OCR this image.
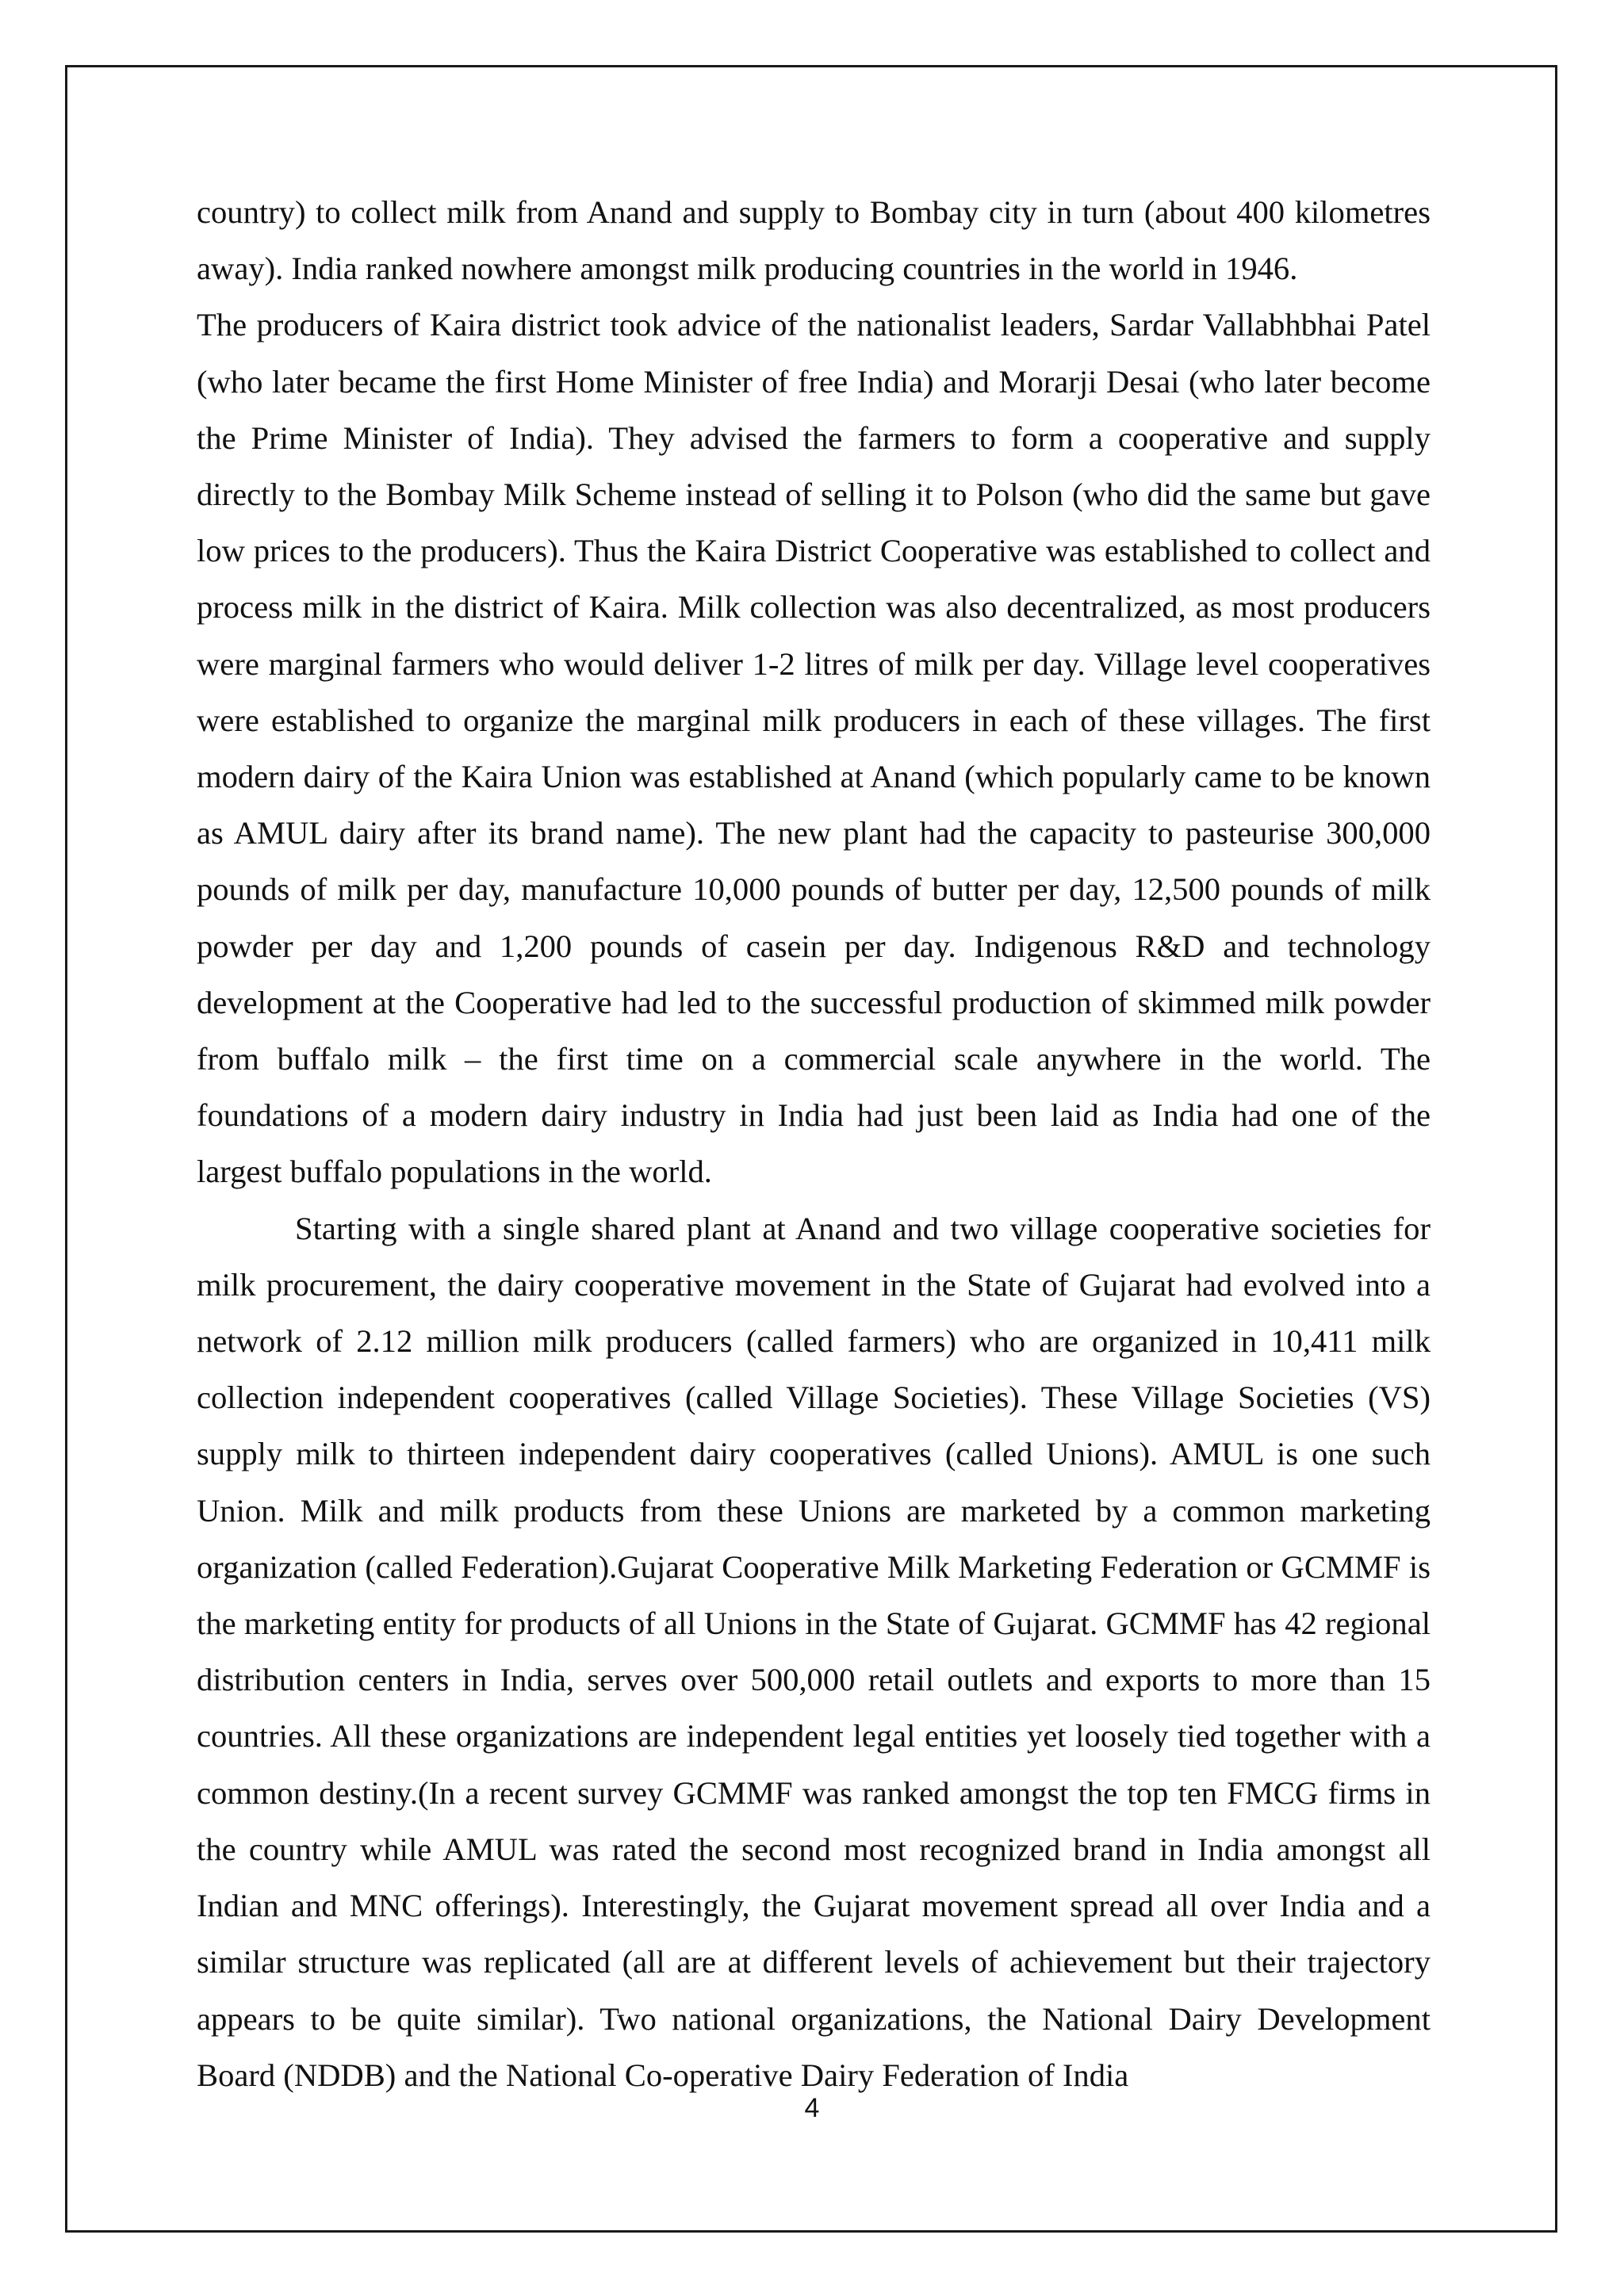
country) to collect milk from Anand and supply to Bombay city in turn (about 400 kilometres away). India ranked nowhere amongst milk producing countries in the world in 1946.

The producers of Kaira district took advice of the nationalist leaders, Sardar Vallabhbhai Patel (who later became the first Home Minister of free India) and Morarji Desai (who later become the Prime Minister of India). They advised the farmers to form a cooperative and supply directly to the Bombay Milk Scheme instead of selling it to Polson (who did the same but gave low prices to the producers). Thus the Kaira District Cooperative was established to collect and process milk in the district of Kaira. Milk collection was also decentralized, as most producers were marginal farmers who would deliver 1-2 litres of milk per day. Village level cooperatives were established to organize the marginal milk producers in each of these villages. The first modern dairy of the Kaira Union was established at Anand (which popularly came to be known as AMUL dairy after its brand name). The new plant had the capacity to pasteurise 300,000 pounds of milk per day, manufacture 10,000 pounds of butter per day, 12,500 pounds of milk powder per day and 1,200 pounds of casein per day. Indigenous R&D and technology development at the Cooperative had led to the successful production of skimmed milk powder from buffalo milk – the first time on a commercial scale anywhere in the world. The foundations of a modern dairy industry in India had just been laid as India had one of the largest buffalo populations in the world.

Starting with a single shared plant at Anand and two village cooperative societies for milk procurement, the dairy cooperative movement in the State of Gujarat had evolved into a network of 2.12 million milk producers (called farmers) who are organized in 10,411 milk collection independent cooperatives (called Village Societies). These Village Societies (VS) supply milk to thirteen independent dairy cooperatives (called Unions). AMUL is one such Union. Milk and milk products from these Unions are marketed by a common marketing organization (called Federation).Gujarat Cooperative Milk Marketing Federation or GCMMF is the marketing entity for products of all Unions in the State of Gujarat. GCMMF has 42 regional distribution centers in India, serves over 500,000 retail outlets and exports to more than 15 countries. All these organizations are independent legal entities yet loosely tied together with a common destiny.(In a recent survey GCMMF was ranked amongst the top ten FMCG firms in the country while AMUL was rated the second most recognized brand in India amongst all Indian and MNC offerings). Interestingly, the Gujarat movement spread all over India and a similar structure was replicated (all are at different levels of achievement but their trajectory appears to be quite similar). Two national organizations, the National Dairy Development Board (NDDB) and the National Co-operative Dairy Federation of India

4
